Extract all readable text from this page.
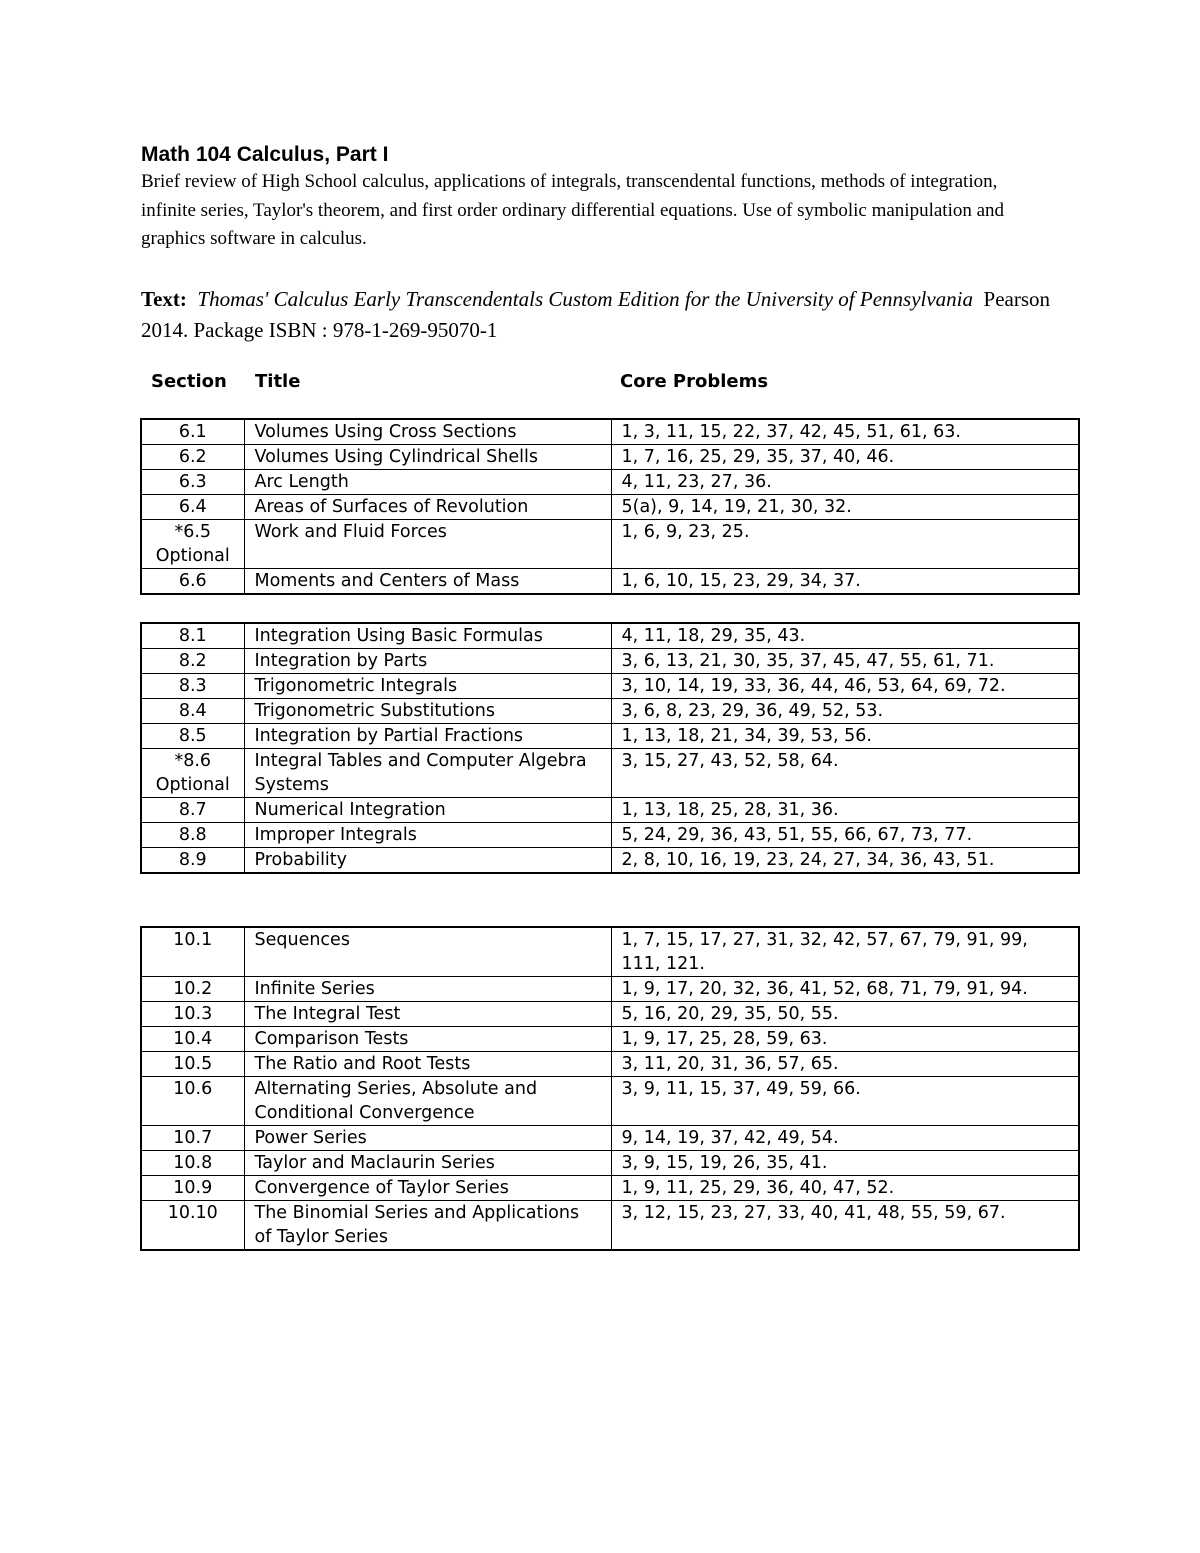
Math 104 Calculus, Part I

Brief review of High School calculus, applications of integrals, transcendental functions, methods of integration, infinite series, Taylor's theorem, and first order ordinary differential equations. Use of symbolic manipulation and graphics software in calculus.

Text: Thomas' Calculus Early Transcendentals Custom Edition for the University of Pennsylvania Pearson 2014. Package ISBN : 978-1-269-95070-1

Section Title	Core Problems
6.1	Volumes Using Cross Sections	1, 3, 11, 15, 22, 37, 42, 45, 51, 61, 63.
6.2	Volumes Using Cylindrical Shells	1, 7, 16, 25, 29, 35, 37, 40, 46.
6.3	Arc Length	4, 11, 23, 27, 36.
6.4	Areas of Surfaces of Revolution	5(a), 9, 14, 19, 21, 30, 32.
*6.5 Optional	Work and Fluid Forces	1, 6, 9, 23, 25.
6.6	Moments and Centers of Mass	1, 6, 10, 15, 23, 29, 34, 37.
8.1	Integration Using Basic Formulas	4, 11, 18, 29, 35, 43.
8.2	Integration by Parts	3, 6, 13, 21, 30, 35, 37, 45, 47, 55, 61, 71.
8.3	Trigonometric Integrals	3, 10, 14, 19, 33, 36, 44, 46, 53, 64, 69, 72.
8.4	Trigonometric Substitutions	3, 6, 8, 23, 29, 36, 49, 52, 53.
8.5	Integration by Partial Fractions	1, 13, 18, 21, 34, 39, 53, 56.
*8.6 Optional	Integral Tables and Computer Algebra Systems	3, 15, 27, 43, 52, 58, 64.
8.7	Numerical Integration	1, 13, 18, 25, 28, 31, 36.
8.8	Improper Integrals	5, 24, 29, 36, 43, 51, 55, 66, 67, 73, 77.
8.9	Probability	2, 8, 10, 16, 19, 23, 24, 27, 34, 36, 43, 51.
10.1	Sequences	1, 7, 15, 17, 27, 31, 32, 42, 57, 67, 79, 91, 99, 111, 121.
10.2	Infinite Series	1, 9, 17, 20, 32, 36, 41, 52, 68, 71, 79, 91, 94.
10.3	The Integral Test	5, 16, 20, 29, 35, 50, 55.
10.4	Comparison Tests	1, 9, 17, 25, 28, 59, 63.
10.5	The Ratio and Root Tests	3, 11, 20, 31, 36, 57, 65.
10.6	Alternating Series, Absolute and Conditional Convergence	3, 9, 11, 15, 37, 49, 59, 66.
10.7	Power Series	9, 14, 19, 37, 42, 49, 54.
10.8	Taylor and Maclaurin Series	3, 9, 15, 19, 26, 35, 41.
10.9	Convergence of Taylor Series	1, 9, 11, 25, 29, 36, 40, 47, 52.
10.10	The Binomial Series and Applications of Taylor Series	3, 12, 15, 23, 27, 33, 40, 41, 48, 55, 59, 67.
